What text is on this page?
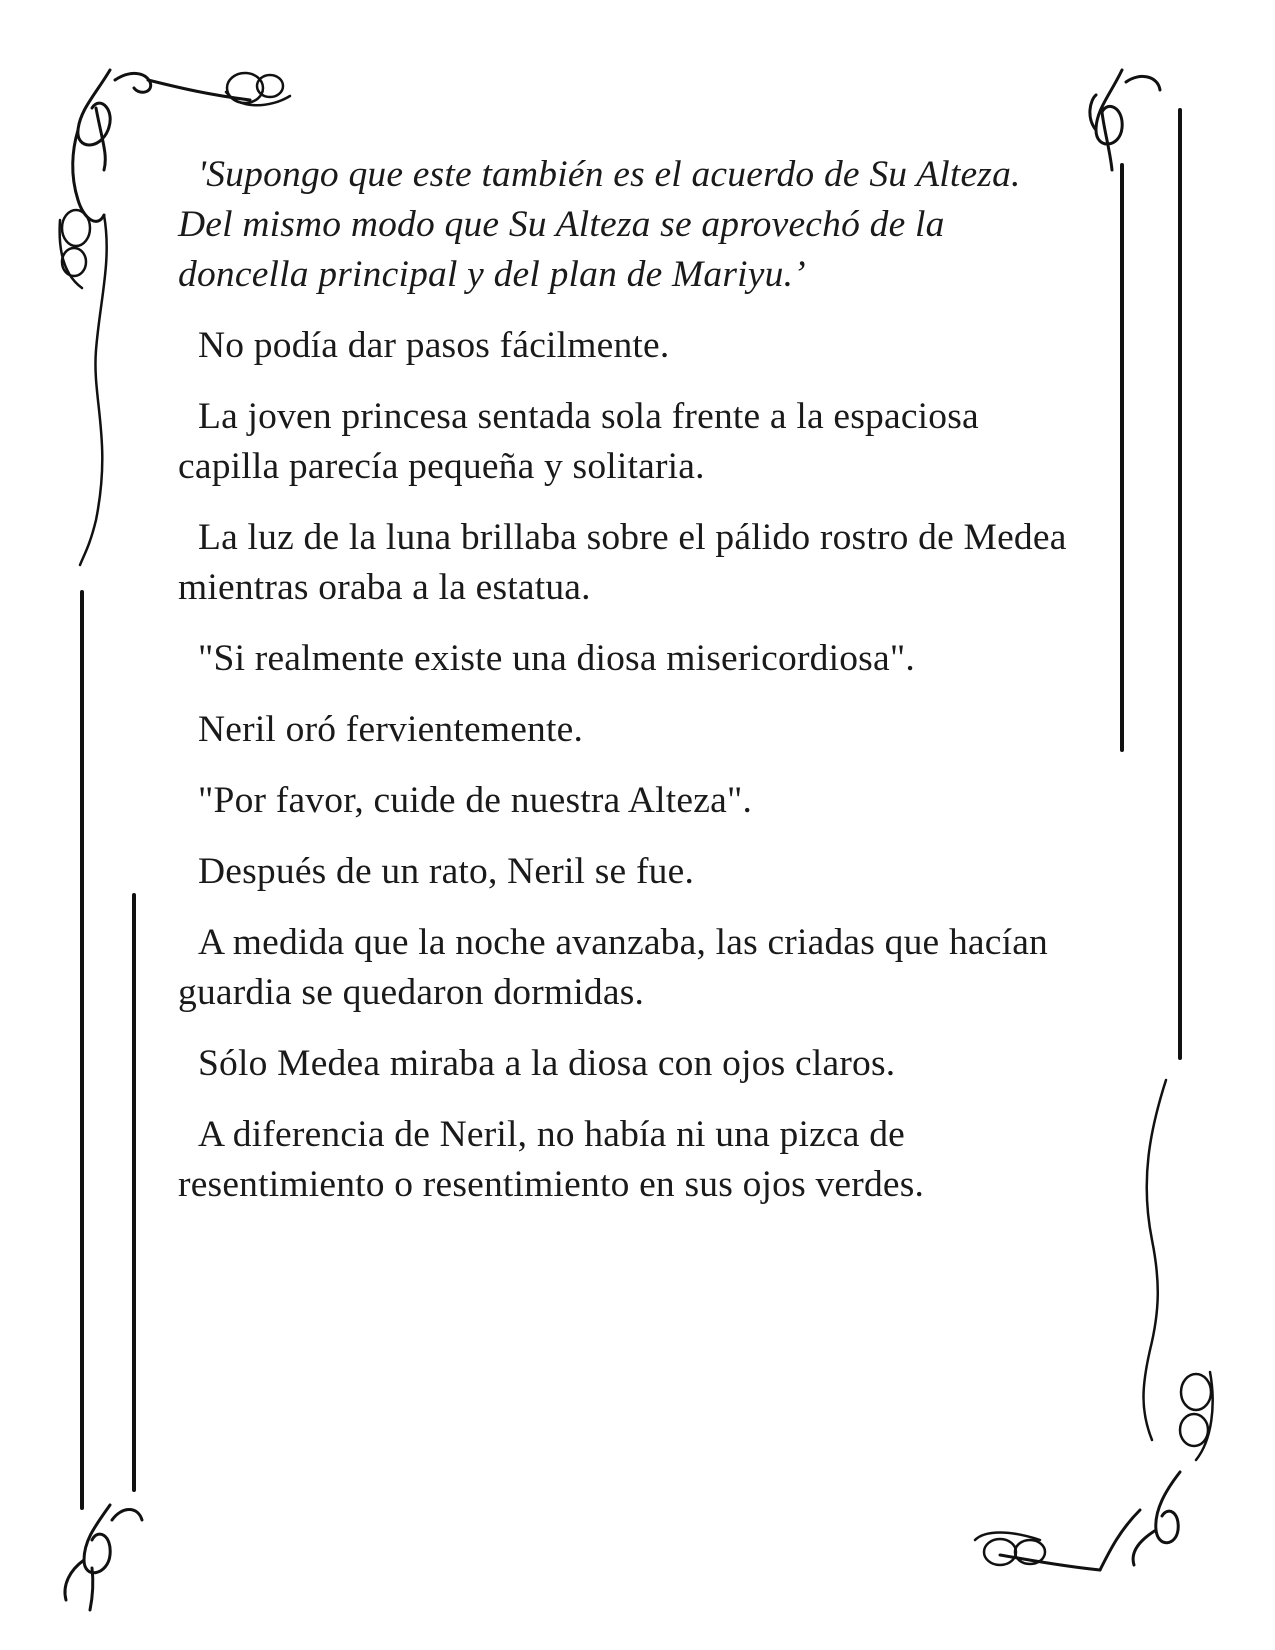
'Supongo que este también es el acuerdo de Su Alteza. Del mismo modo que Su Alteza se aprovechó de la doncella principal y del plan de Mariyu.’

No podía dar pasos fácilmente.

La joven princesa sentada sola frente a la espaciosa capilla parecía pequeña y solitaria.

La luz de la luna brillaba sobre el pálido rostro de Medea mientras oraba a la estatua.

"Si realmente existe una diosa misericordiosa".

Neril oró fervientemente.

"Por favor, cuide de nuestra Alteza".

Después de un rato, Neril se fue.

A medida que la noche avanzaba, las criadas que hacían guardia se quedaron dormidas.

Sólo Medea miraba a la diosa con ojos claros.

A diferencia de Neril, no había ni una pizca de resentimiento o resentimiento en sus ojos verdes.
